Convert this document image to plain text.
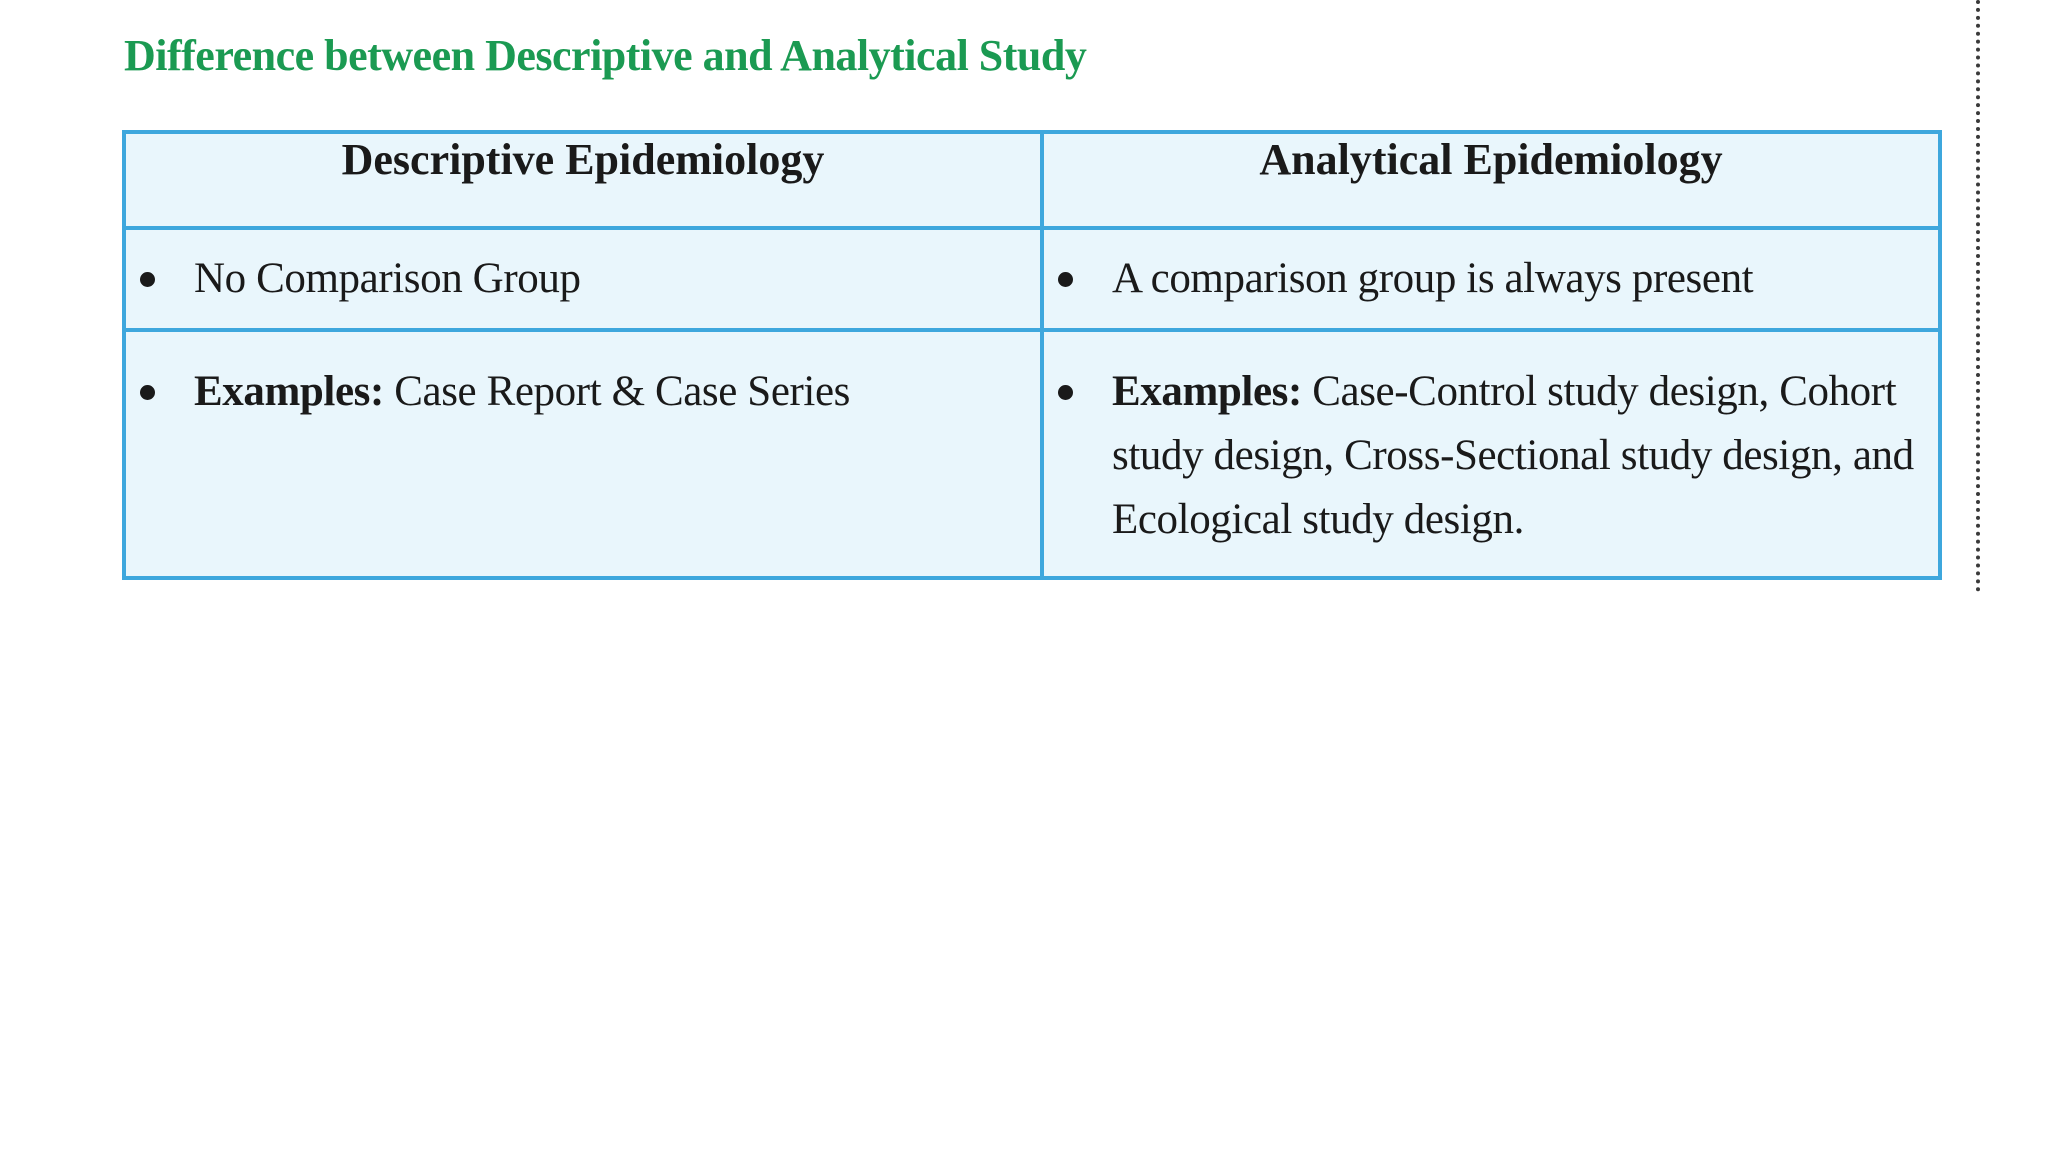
Difference between Descriptive and Analytical Study
Descriptive Epidemiology	Analytical Epidemiology

No Comparison Group	A comparison group is always present

Examples: Case Report & Case Series	Examples: Case-Control study design, Cohort study design, Cross-Sectional study design, and Ecological study design.
